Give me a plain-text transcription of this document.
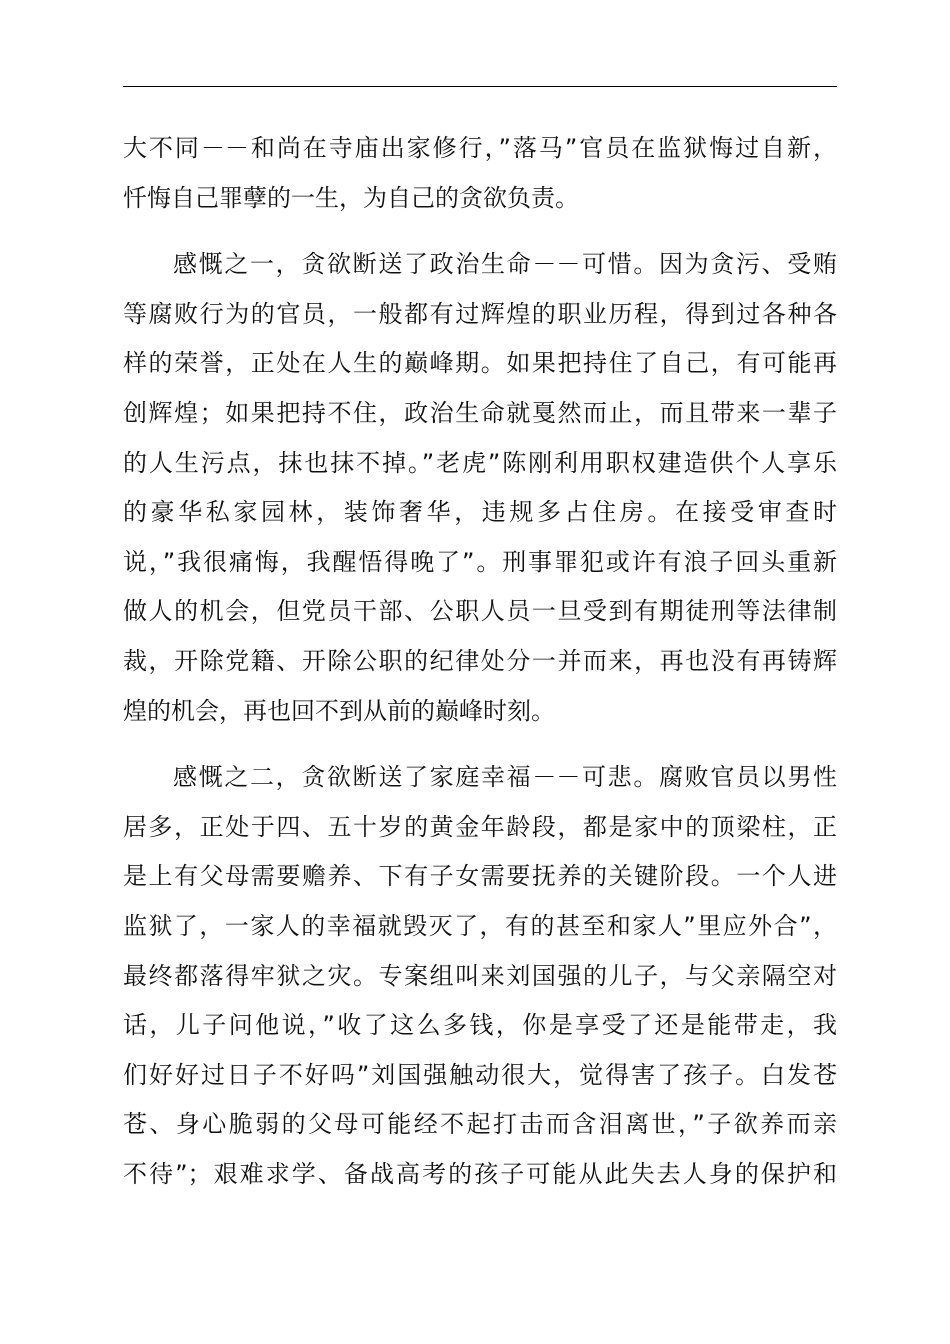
大不同－－和尚在寺庙出家修行，”落马”官员在监狱悔过自新，
忏悔自己罪孽的一生，为自己的贪欲负责。
感慨之一，贪欲断送了政治生命－－可惜。因为贪污、受贿
等腐败行为的官员，一般都有过辉煌的职业历程，得到过各种各
样的荣誉，正处在人生的巅峰期。如果把持住了自己，有可能再
创辉煌；如果把持不住，政治生命就戛然而止，而且带来一辈子
的人生污点，抹也抹不掉。”老虎”陈刚利用职权建造供个人享乐
的豪华私家园林，装饰奢华，违规多占住房。在接受审查时
说，”我很痛悔，我醒悟得晚了”。刑事罪犯或许有浪子回头重新
做人的机会，但党员干部、公职人员一旦受到有期徒刑等法律制
裁，开除党籍、开除公职的纪律处分一并而来，再也没有再铸辉
煌的机会，再也回不到从前的巅峰时刻。
感慨之二，贪欲断送了家庭幸福－－可悲。腐败官员以男性
居多，正处于四、五十岁的黄金年龄段，都是家中的顶梁柱，正
是上有父母需要赡养、下有子女需要抚养的关键阶段。一个人进
监狱了，一家人的幸福就毁灭了，有的甚至和家人”里应外合”，
最终都落得牢狱之灾。专案组叫来刘国强的儿子，与父亲隔空对
话，儿子问他说，”收了这么多钱，你是享受了还是能带走，我
们好好过日子不好吗”刘国强触动很大，觉得害了孩子。白发苍
苍、身心脆弱的父母可能经不起打击而含泪离世，”子欲养而亲
不待”；艰难求学、备战高考的孩子可能从此失去人身的保护和
